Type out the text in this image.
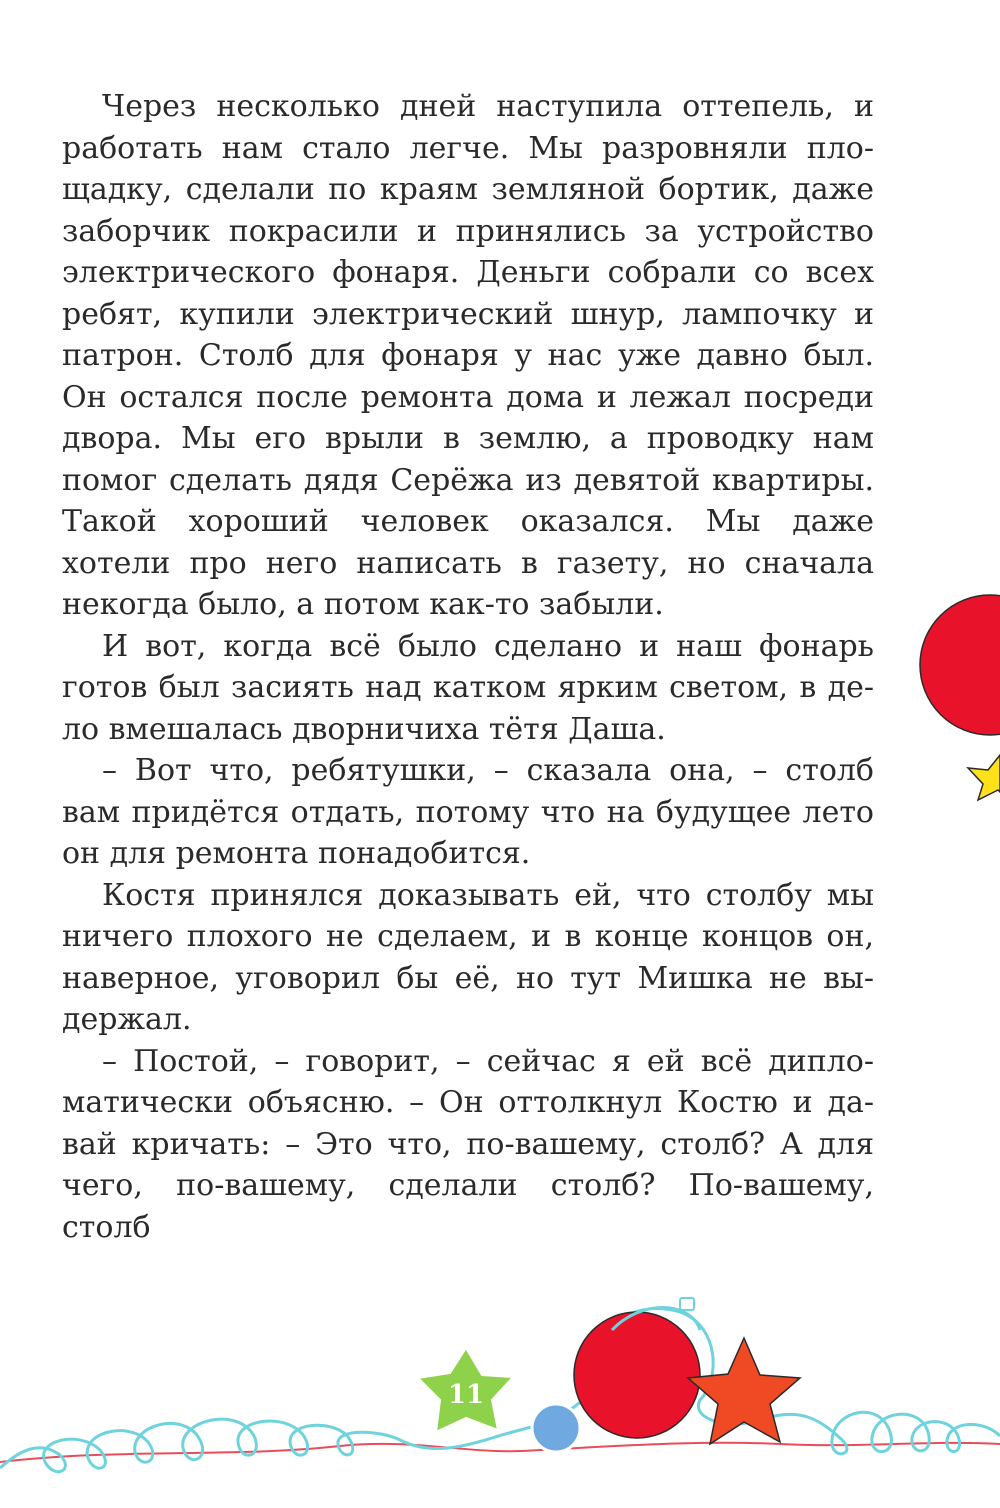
Через несколько дней наступила оттепель, и работать нам стало легче. Мы разровняли площадку, сделали по краям земляной бортик, даже заборчик покрасили и принялись за устройство электрического фонаря. Деньги собрали со всех ребят, купили электрический шнур, лампочку и патрон. Столб для фонаря у нас уже давно был. Он остался после ремонта дома и лежал посреди двора. Мы его врыли в землю, а проводку нам помог сделать дядя Серёжа из девятой квартиры. Такой хороший человек оказался. Мы даже хотели про него написать в газету, но сначала некогда было, а потом как-то забыли.

И вот, когда всё было сделано и наш фонарь готов был засиять над катком ярким светом, в дело вмешалась дворничиха тётя Даша.

– Вот что, ребятушки, – сказала она, – столб вам придётся отдать, потому что на будущее лето он для ремонта понадобится.

Костя принялся доказывать ей, что столбу мы ничего плохого не сделаем, и в конце концов он, наверное, уговорил бы её, но тут Мишка не выдержал.

– Постой, – говорит, – сейчас я ей всё дипломатически объясню. – Он оттолкнул Костю и давай кричать: – Это что, по-вашему, столб? А для чего, по-вашему, сделали столб? По-вашему, столб

11
